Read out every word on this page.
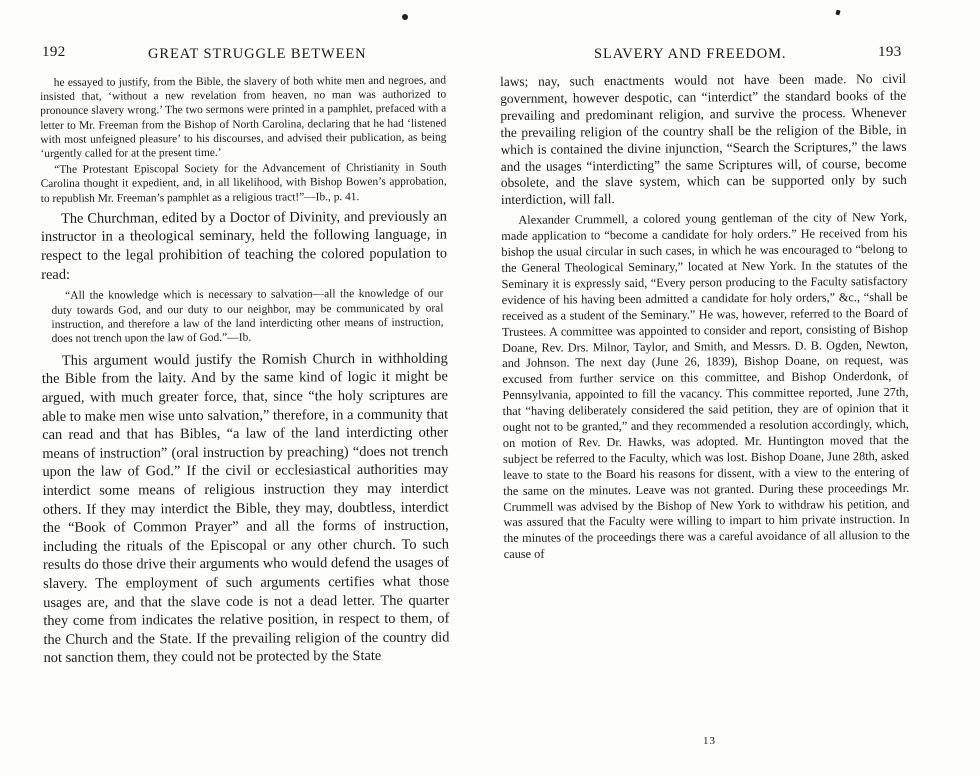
192	GREAT STRUGGLE BETWEEN	SLAVERY AND FREEDOM.	193

he essayed to justify, from the Bible, the slavery of both white men and negroes, and insisted that, ‘without a new revelation from heaven, no man was authorized to pronounce slavery wrong.’ The two sermons were printed in a pamphlet, prefaced with a letter to Mr. Freeman from the Bishop of North Carolina, declaring that he had ‘listened with most unfeigned pleasure’ to his discourses, and advised their publication, as being ‘urgently called for at the present time.’

“The Protestant Episcopal Society for the Advancement of Christianity in South Carolina thought it expedient, and, in all likelihood, with Bishop Bowen’s approbation, to republish Mr. Freeman’s pamphlet as a religious tract!”—Ib., p. 41.

The Churchman, edited by a Doctor of Divinity, and previously an instructor in a theological seminary, held the following language, in respect to the legal prohibition of teaching the colored population to read:

“All the knowledge which is necessary to salvation—all the knowledge of our duty towards God, and our duty to our neighbor, may be communicated by oral instruction, and therefore a law of the land interdicting other means of instruction, does not trench upon the law of God.”—Ib.

This argument would justify the Romish Church in withholding the Bible from the laity. And by the same kind of logic it might be argued, with much greater force, that, since “the holy scriptures are able to make men wise unto salvation,” therefore, in a community that can read and that has Bibles, “a law of the land interdicting other means of instruction” (oral instruction by preaching) “does not trench upon the law of God.” If the civil or ecclesiastical authorities may interdict some means of religious instruction they may interdict others. If they may interdict the Bible, they may, doubtless, interdict the “Book of Common Prayer” and all the forms of instruction, including the rituals of the Episcopal or any other church. To such results do those drive their arguments who would defend the usages of slavery. The employment of such arguments certifies what those usages are, and that the slave code is not a dead letter. The quarter they come from indicates the relative position, in respect to them, of the Church and the State. If the prevailing religion of the country did not sanction them, they could not be protected by the State

laws; nay, such enactments would not have been made. No civil government, however despotic, can “interdict” the standard books of the prevailing and predominant religion, and survive the process. Whenever the prevailing religion of the country shall be the religion of the Bible, in which is contained the divine injunction, “Search the Scriptures,” the laws and the usages “interdicting” the same Scriptures will, of course, become obsolete, and the slave system, which can be supported only by such interdiction, will fall.

Alexander Crummell, a colored young gentleman of the city of New York, made application to “become a candidate for holy orders.” He received from his bishop the usual circular in such cases, in which he was encouraged to “belong to the General Theological Seminary,” located at New York. In the statutes of the Seminary it is expressly said, “Every person producing to the Faculty satisfactory evidence of his having been admitted a candidate for holy orders,” &c., “shall be received as a student of the Seminary.” He was, however, referred to the Board of Trustees. A committee was appointed to consider and report, consisting of Bishop Doane, Rev. Drs. Milnor, Taylor, and Smith, and Messrs. D. B. Ogden, Newton, and Johnson. The next day (June 26, 1839), Bishop Doane, on request, was excused from further service on this committee, and Bishop Onderdonk, of Pennsylvania, appointed to fill the vacancy. This committee reported, June 27th, that “having deliberately considered the said petition, they are of opinion that it ought not to be granted,” and they recommended a resolution accordingly, which, on motion of Rev. Dr. Hawks, was adopted. Mr. Huntington moved that the subject be referred to the Faculty, which was lost. Bishop Doane, June 28th, asked leave to state to the Board his reasons for dissent, with a view to the entering of the same on the minutes. Leave was not granted. During these proceedings Mr. Crummell was advised by the Bishop of New York to withdraw his petition, and was assured that the Faculty were willing to impart to him private instruction. In the minutes of the proceedings there was a careful avoidance of all allusion to the cause of

13
